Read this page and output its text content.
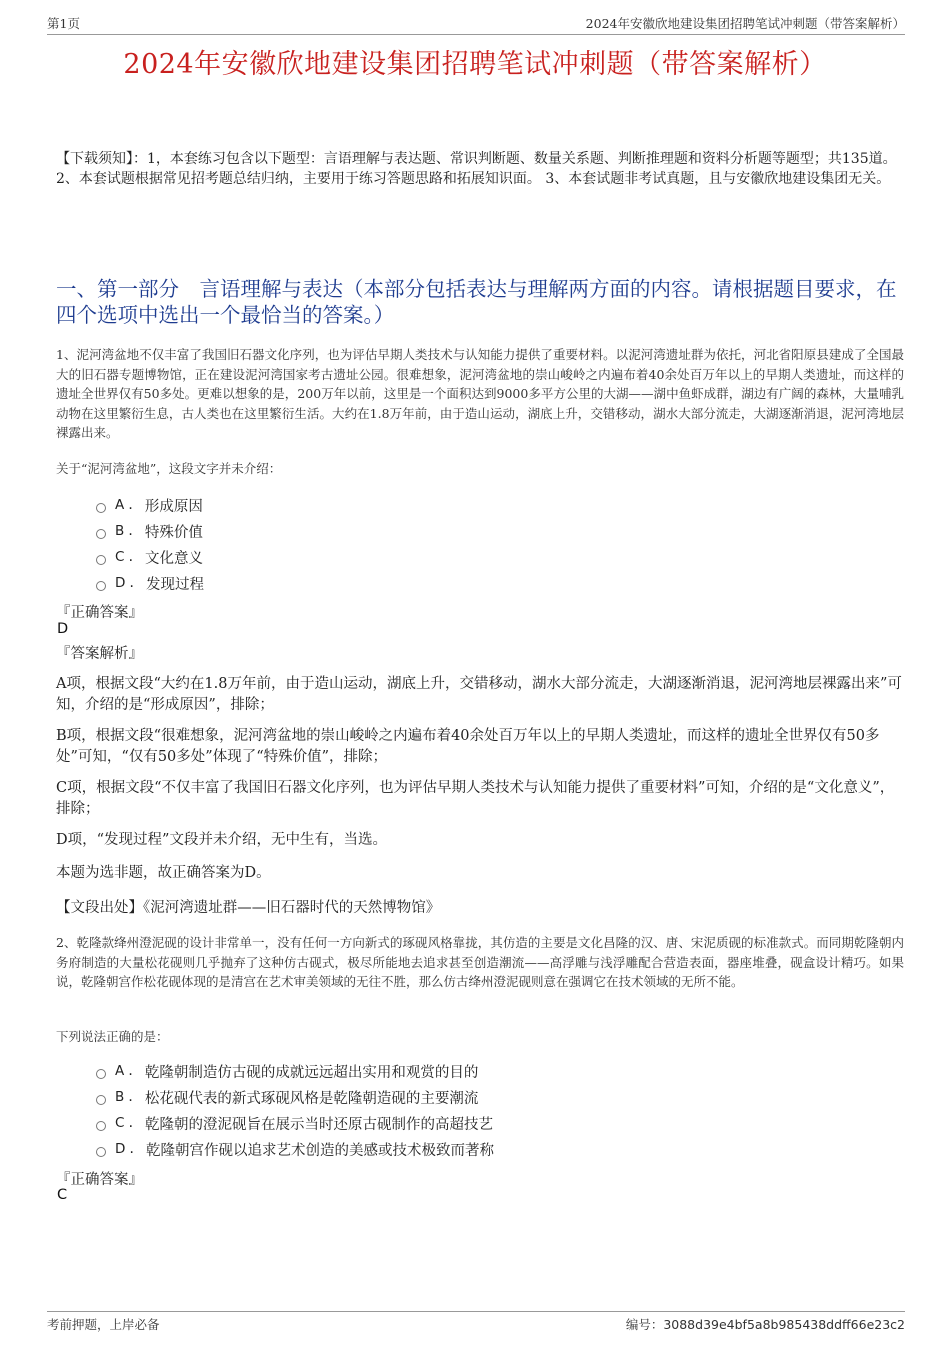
第1页	2024年安徽欣地建设集团招聘笔试冲刺题（带答案解析）
2024年安徽欣地建设集团招聘笔试冲刺题（带答案解析）
【下载须知】：1，本套练习包含以下题型：言语理解与表达题、常识判断题、数量关系题、判断推理题和资料分析题等题型；共135道。 2、本套试题根据常见招考题总结归纳，主要用于练习答题思路和拓展知识面。 3、本套试题非考试真题，且与安徽欣地建设集团无关。
一、第一部分　言语理解与表达（本部分包括表达与理解两方面的内容。请根据题目要求，在四个选项中选出一个最恰当的答案。）
1、泥河湾盆地不仅丰富了我国旧石器文化序列，也为评估早期人类技术与认知能力提供了重要材料。以泥河湾遗址群为依托，河北省阳原县建成了全国最大的旧石器专题博物馆，正在建设泥河湾国家考古遗址公园。很难想象，泥河湾盆地的崇山峻岭之内遍布着40余处百万年以上的早期人类遗址，而这样的遗址全世界仅有50多处。更难以想象的是，200万年以前，这里是一个面积达到9000多平方公里的大湖——湖中鱼虾成群，湖边有广阔的森林，大量哺乳动物在这里繁衍生息，古人类也在这里繁衍生活。大约在1.8万年前，由于造山运动，湖底上升，交错移动，湖水大部分流走，大湖逐渐消退，泥河湾地层裸露出来。
关于“泥河湾盆地”，这段文字并未介绍：
A . 形成原因
B . 特殊价值
C . 文化意义
D . 发现过程
『正确答案』
D
『答案解析』
A项，根据文段“大约在1.8万年前，由于造山运动，湖底上升，交错移动，湖水大部分流走，大湖逐渐消退，泥河湾地层裸露出来”可知，介绍的是“形成原因”，排除；
B项，根据文段“很难想象，泥河湾盆地的崇山峻岭之内遍布着40余处百万年以上的早期人类遗址，而这样的遗址全世界仅有50多处”可知，“仅有50多处”体现了“特殊价值”，排除；
C项，根据文段“不仅丰富了我国旧石器文化序列，也为评估早期人类技术与认知能力提供了重要材料”可知，介绍的是“文化意义”，排除；
D项，“发现过程”文段并未介绍，无中生有，当选。
本题为选非题，故正确答案为D。
【文段出处】《泥河湾遗址群——旧石器时代的天然博物馆》
2、乾隆款绛州澄泥砚的设计非常单一，没有任何一方向新式的琢砚风格靠拢，其仿造的主要是文化昌隆的汉、唐、宋泥质砚的标准款式。而同期乾隆朝内务府制造的大量松花砚则几乎抛弃了这种仿古砚式，极尽所能地去追求甚至创造潮流——高浮雕与浅浮雕配合营造表面，器座堆叠，砚盒设计精巧。如果说，乾隆朝宫作松花砚体现的是清宫在艺术审美领域的无往不胜，那么仿古绛州澄泥砚则意在强调它在技术领域的无所不能。
下列说法正确的是：
A . 乾隆朝制造仿古砚的成就远远超出实用和观赏的目的
B . 松花砚代表的新式琢砚风格是乾隆朝造砚的主要潮流
C . 乾隆朝的澄泥砚旨在展示当时还原古砚制作的高超技艺
D . 乾隆朝宫作砚以追求艺术创造的美感或技术极致而著称
『正确答案』
C
考前押题，上岸必备	编号：3088d39e4bf5a8b985438ddff66e23c2
